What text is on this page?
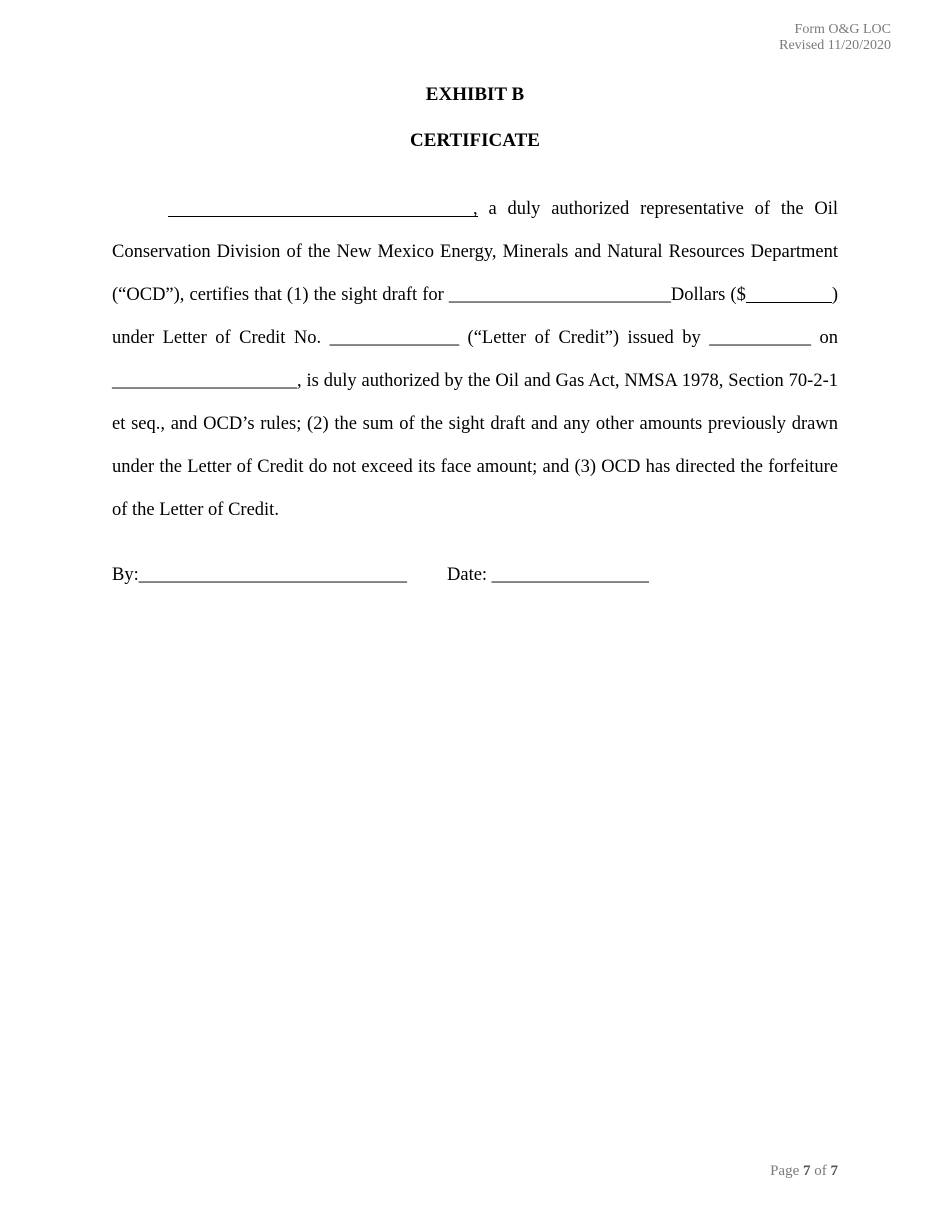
Form O&G LOC
Revised 11/20/2020
EXHIBIT B
CERTIFICATE
, a duly authorized representative of the Oil
Conservation Division of the New Mexico Energy, Minerals and Natural Resources Department
(“OCD”), certifies that (1) the sight draft for ________________________Dollars ($	)
under Letter of Credit No. ______________ (“Letter of Credit”) issued by ___________ on
____________________, is duly authorized by the Oil and Gas Act, NMSA 1978, Section 70-2-1
et seq., and OCD’s rules; (2) the sum of the sight draft and any other amounts previously drawn
under the Letter of Credit do not exceed its face amount; and (3) OCD has directed the forfeiture
of the Letter of Credit.
By:_____________________________ Date: _________________
Page 7 of 7
